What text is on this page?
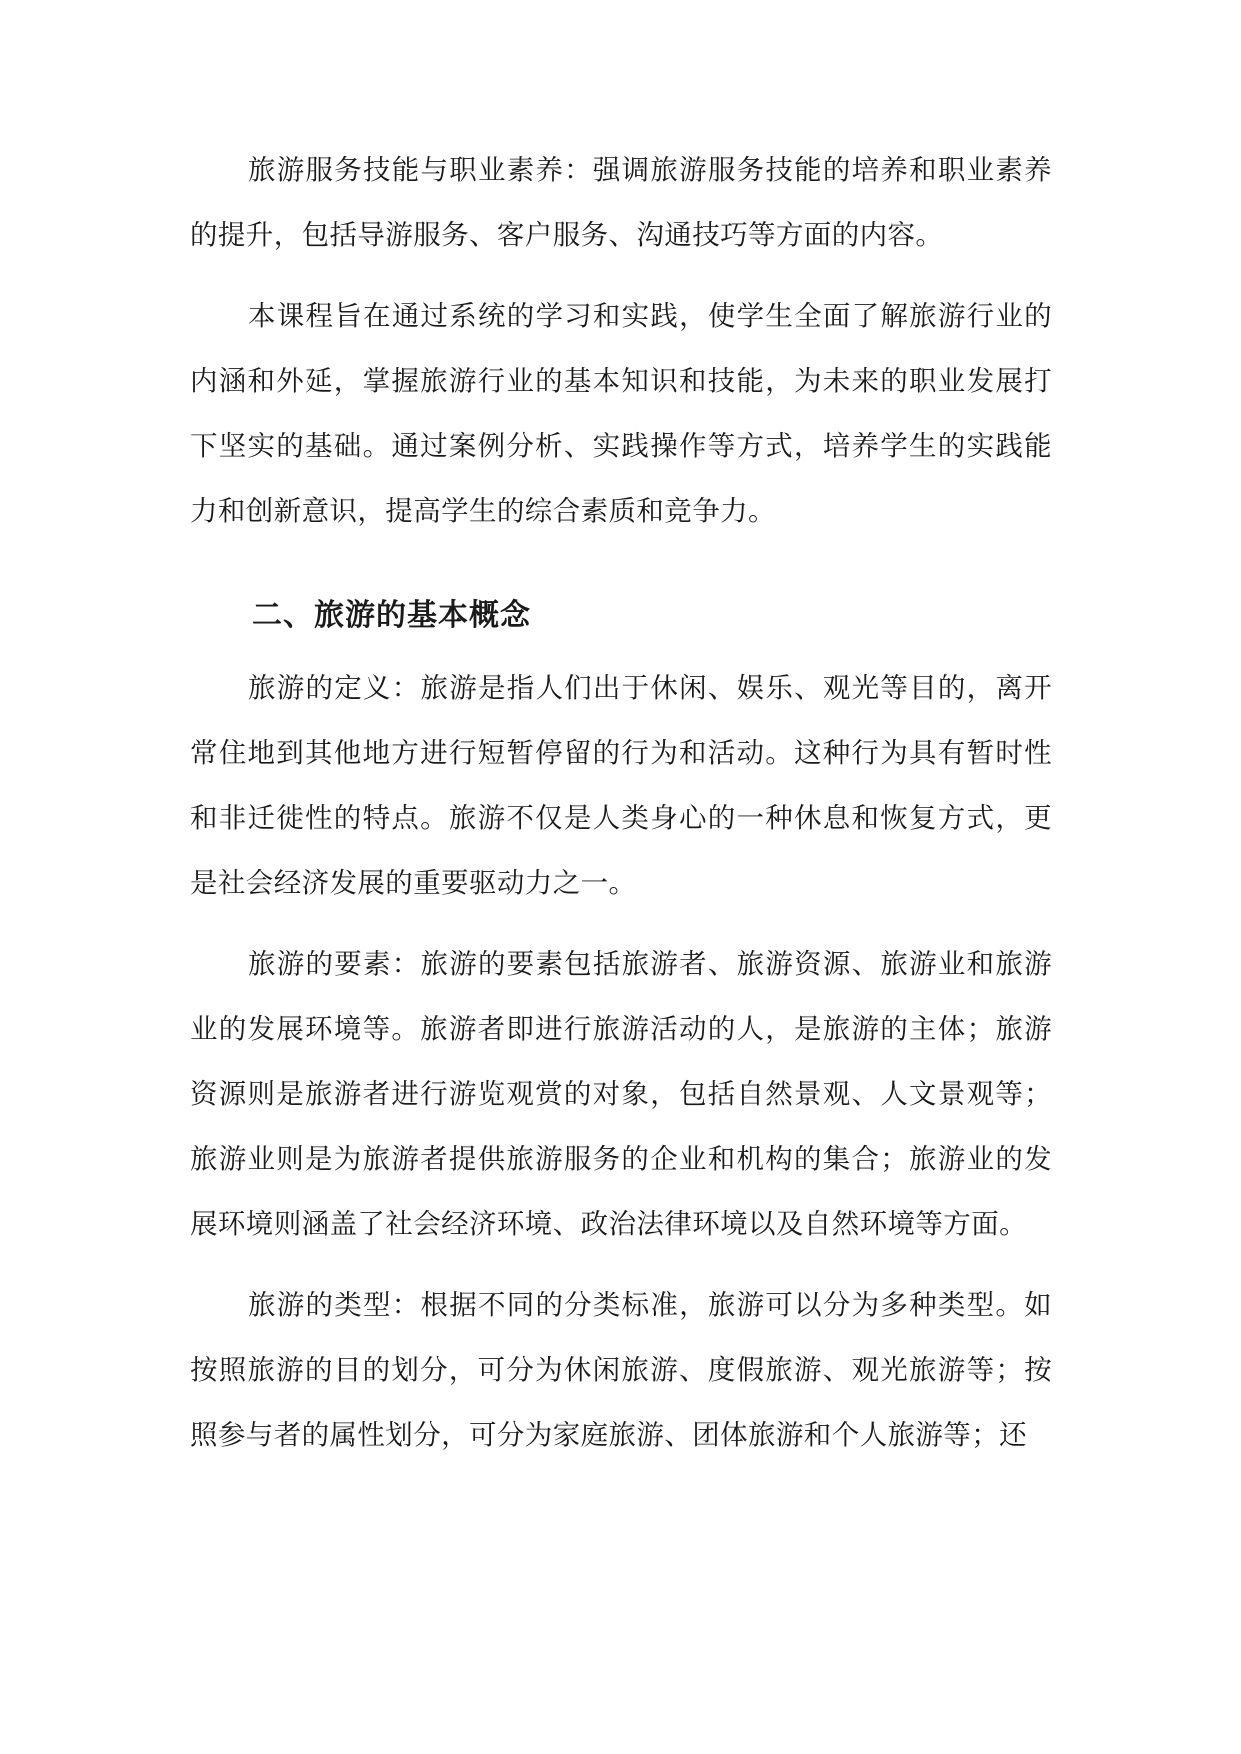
旅游服务技能与职业素养：强调旅游服务技能的培养和职业素养的提升，包括导游服务、客户服务、沟通技巧等方面的内容。

本课程旨在通过系统的学习和实践，使学生全面了解旅游行业的内涵和外延，掌握旅游行业的基本知识和技能，为未来的职业发展打下坚实的基础。通过案例分析、实践操作等方式，培养学生的实践能力和创新意识，提高学生的综合素质和竞争力。

二、旅游的基本概念

旅游的定义：旅游是指人们出于休闲、娱乐、观光等目的，离开常住地到其他地方进行短暂停留的行为和活动。这种行为具有暂时性和非迁徙性的特点。旅游不仅是人类身心的一种休息和恢复方式，更是社会经济发展的重要驱动力之一。

旅游的要素：旅游的要素包括旅游者、旅游资源、旅游业和旅游业的发展环境等。旅游者即进行旅游活动的人，是旅游的主体；旅游资源则是旅游者进行游览观赏的对象，包括自然景观、人文景观等；旅游业则是为旅游者提供旅游服务的企业和机构的集合；旅游业的发展环境则涵盖了社会经济环境、政治法律环境以及自然环境等方面。

旅游的类型：根据不同的分类标准，旅游可以分为多种类型。如按照旅游的目的划分，可分为休闲旅游、度假旅游、观光旅游等；按照参与者的属性划分，可分为家庭旅游、团体旅游和个人旅游等；还
